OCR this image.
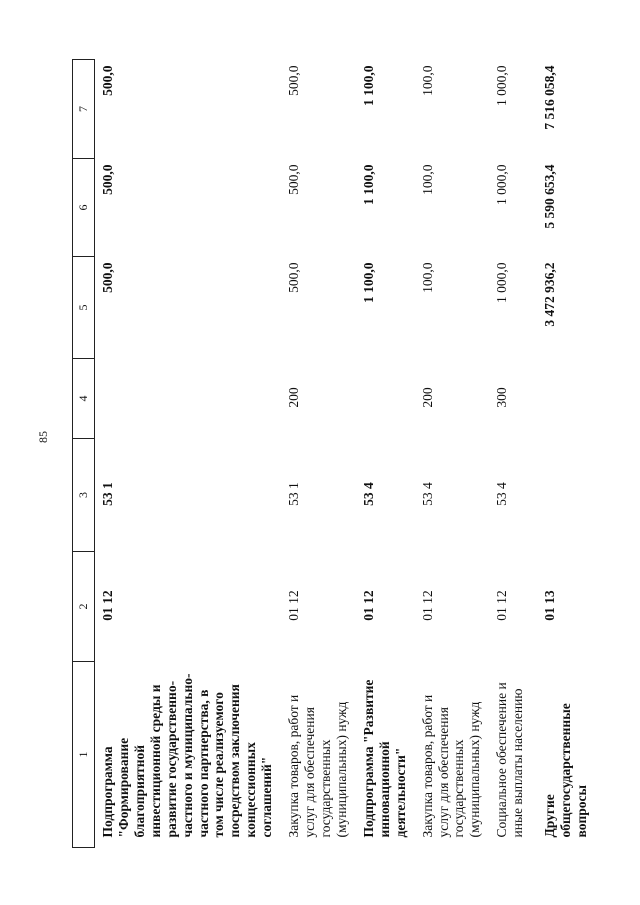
85
1	2	3	4	5	6	7
Подпрограмма "Формирование благоприятной инвестиционной среды и развитие государственно-частного и муниципально-частного партнерства, в том числе реализуемого посредством заключения концессионных соглашений"	01 12	53 1		500,0	500,0	500,0
Закупка товаров, работ и услуг для обеспечения государственных (муниципальных) нужд	01 12	53 1	200	500,0	500,0	500,0
Подпрограмма "Развитие инновационной деятельности"	01 12	53 4		1 100,0	1 100,0	1 100,0
Закупка товаров, работ и услуг для обеспечения государственных (муниципальных) нужд	01 12	53 4	200	100,0	100,0	100,0
Социальное обеспечение и иные выплаты населению	01 12	53 4	300	1 000,0	1 000,0	1 000,0
Другие общегосударственные вопросы	01 13			3 472 936,2	5 590 653,4	7 516 058,4
